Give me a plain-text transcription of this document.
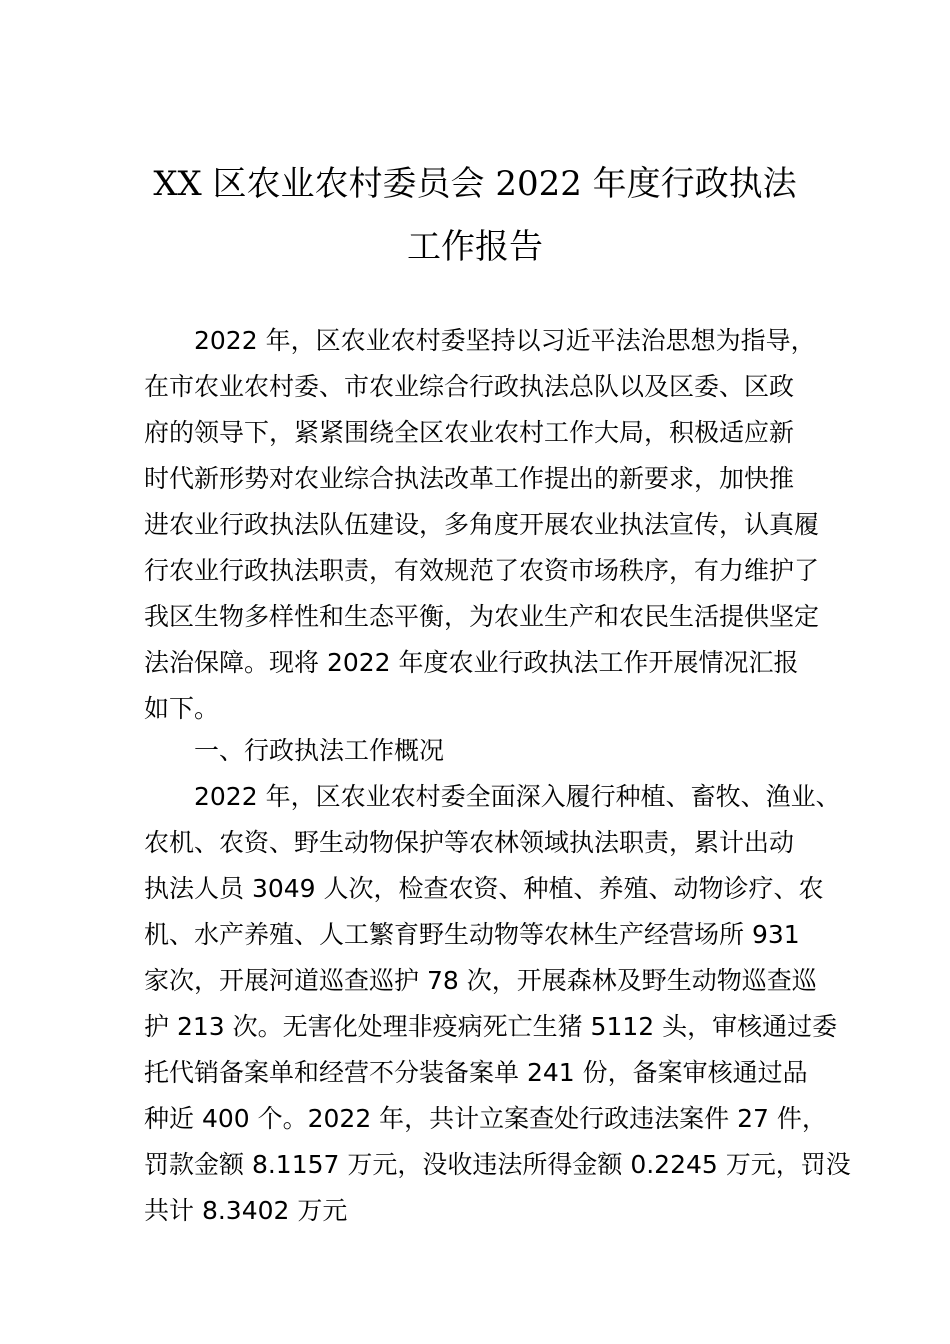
XX 区农业农村委员会 2022 年度行政执法
工作报告
2022 年，区农业农村委坚持以习近平法治思想为指导，
在市农业农村委、市农业综合行政执法总队以及区委、区政
府的领导下，紧紧围绕全区农业农村工作大局，积极适应新
时代新形势对农业综合执法改革工作提出的新要求，加快推
进农业行政执法队伍建设，多角度开展农业执法宣传，认真履
行农业行政执法职责，有效规范了农资市场秩序，有力维护了
我区生物多样性和生态平衡，为农业生产和农民生活提供坚定
法治保障。现将 2022 年度农业行政执法工作开展情况汇报
如下。
一、行政执法工作概况
2022 年，区农业农村委全面深入履行种植、畜牧、渔业、
农机、农资、野生动物保护等农林领域执法职责，累计出动
执法人员 3049 人次，检查农资、种植、养殖、动物诊疗、农
机、水产养殖、人工繁育野生动物等农林生产经营场所 931
家次，开展河道巡查巡护 78 次，开展森林及野生动物巡查巡
护 213 次。无害化处理非疫病死亡生猪 5112 头，审核通过委
托代销备案单和经营不分装备案单 241 份，备案审核通过品
种近 400 个。2022 年，共计立案查处行政违法案件 27 件，
罚款金额 8.1157 万元，没收违法所得金额 0.2245 万元，罚没
共计 8.3402 万元
